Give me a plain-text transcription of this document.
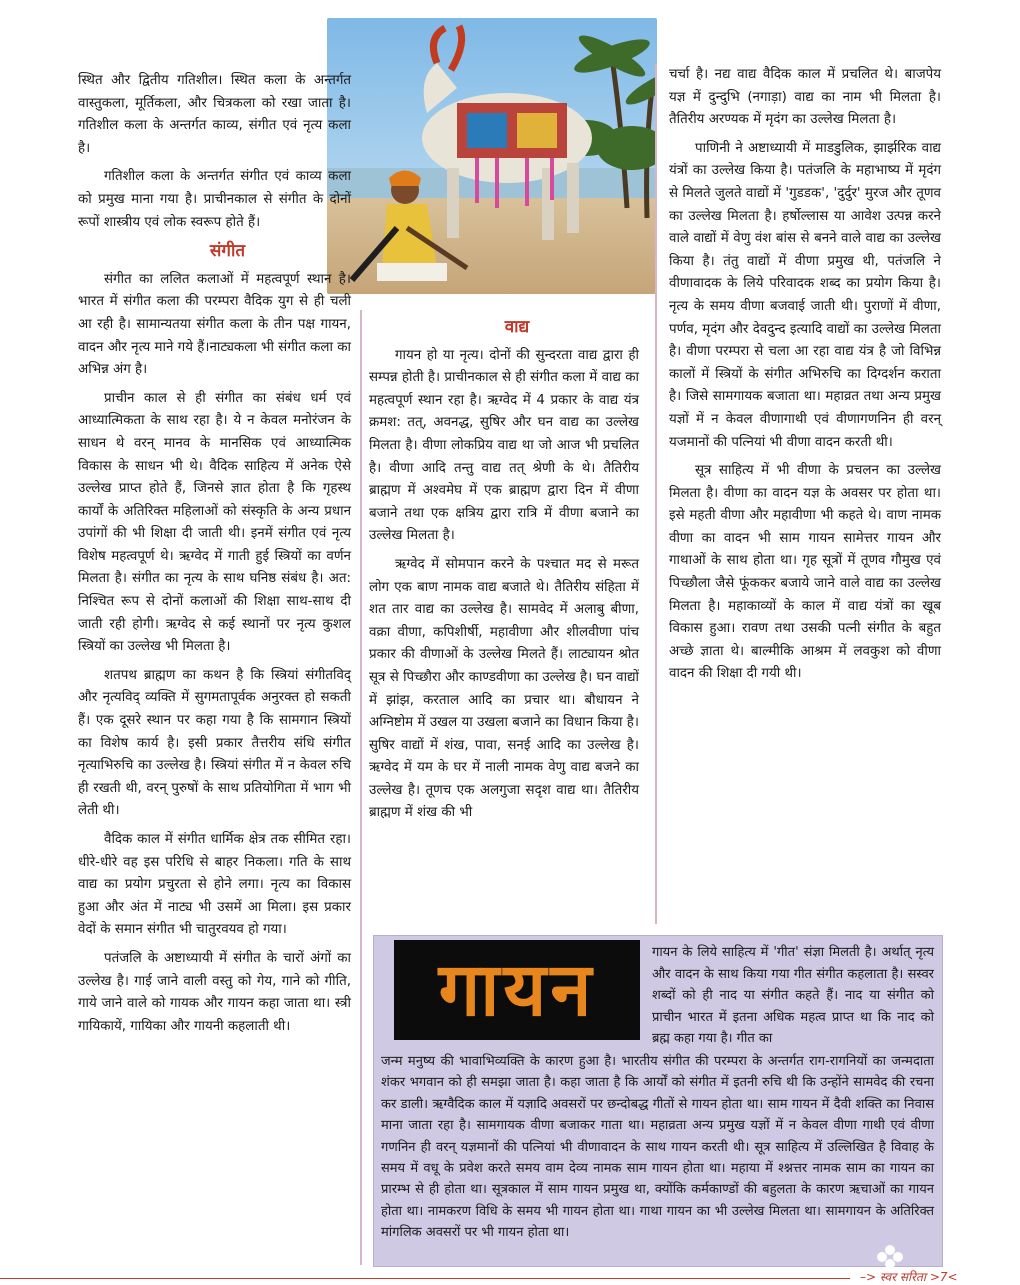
स्थित और द्वितीय गतिशील। स्थित कला के अन्तर्गत वास्तुकला, मूर्तिकला, और चित्रकला को रखा जाता है। गतिशील कला के अन्तर्गत काव्य, संगीत एवं नृत्य कला है।

गतिशील कला के अन्तर्गत संगीत एवं काव्य कला को प्रमुख माना गया है। प्राचीनकाल से संगीत के दोनों रूपों शास्त्रीय एवं लोक स्वरूप होते हैं।

संगीत

संगीत का ललित कलाओं में महत्वपूर्ण स्थान है। भारत में संगीत कला की परम्परा वैदिक युग से ही चली आ रही है। सामान्यतया संगीत कला के तीन पक्ष गायन, वादन और नृत्य माने गये हैं।नाट्यकला भी संगीत कला का अभिन्न अंग है।

प्राचीन काल से ही संगीत का संबंध धर्म एवं आध्यात्मिकता के साथ रहा है। ये न केवल मनोरंजन के साधन थे वरन् मानव के मानसिक एवं आध्यात्मिक विकास के साधन भी थे। वैदिक साहित्य में अनेक ऐसे उल्लेख प्राप्त होते हैं, जिनसे ज्ञात होता है कि गृहस्थ कार्यों के अतिरिक्त महिलाओं को संस्कृति के अन्य प्रधान उपांगों की भी शिक्षा दी जाती थी। इनमें संगीत एवं नृत्य विशेष महत्वपूर्ण थे। ऋग्वेद में गाती हुई स्त्रियों का वर्णन मिलता है। संगीत का नृत्य के साथ घनिष्ठ संबंध है। अत: निश्चित रूप से दोनों कलाओं की शिक्षा साथ-साथ दी जाती रही होगी। ऋग्वेद से कई स्थानों पर नृत्य कुशल स्त्रियों का उल्लेख भी मिलता है।

शतपथ ब्राह्मण का कथन है कि स्त्रियां संगीतविद् और नृत्यविद् व्यक्ति में सुगमतापूर्वक अनुरक्त हो सकती हैं। एक दूसरे स्थान पर कहा गया है कि सामगान स्त्रियों का विशेष कार्य है। इसी प्रकार तैत्तरीय संधि संगीत नृत्याभिरुचि का उल्लेख है। स्त्रियां संगीत में न केवल रुचि ही रखती थी, वरन् पुरुषों के साथ प्रतियोगिता में भाग भी लेती थी।

वैदिक काल में संगीत धार्मिक क्षेत्र तक सीमित रहा। धीरे-धीरे वह इस परिधि से बाहर निकला। गति के साथ वाद्य का प्रयोग प्रचुरता से होने लगा। नृत्य का विकास हुआ और अंत में नाट्य भी उसमें आ मिला। इस प्रकार वेदों के समान संगीत भी चातुरवयव हो गया।

पतंजलि के अष्टाध्यायी में संगीत के चारों अंगों का उल्लेख है। गाई जाने वाली वस्तु को गेय, गाने को गीति, गाये जाने वाले को गायक और गायन कहा जाता था। स्त्री गायिकायें, गायिका और गायनी कहलाती थी।

वाद्य

गायन हो या नृत्य। दोनों की सुन्दरता वाद्य द्वारा ही सम्पन्न होती है। प्राचीनकाल से ही संगीत कला में वाद्य का महत्वपूर्ण स्थान रहा है। ऋग्वेद में 4 प्रकार के वाद्य यंत्र क्रमश: तत्, अवनद्ध, सुषिर और घन वाद्य का उल्लेख मिलता है। वीणा लोकप्रिय वाद्य था जो आज भी प्रचलित है। वीणा आदि तन्तु वाद्य तत् श्रेणी के थे। तैतिरीय ब्राह्मण में अश्वमेघ में एक ब्राह्मण द्वारा दिन में वीणा बजाने तथा एक क्षत्रिय द्वारा रात्रि में वीणा बजाने का उल्लेख मिलता है।

ऋग्वेद में सोमपान करने के पश्चात मद से मरूत लोग एक बाण नामक वाद्य बजाते थे। तैतिरीय संहिता में शत तार वाद्य का उल्लेख है। सामवेद में अलाबु बीणा, वक्रा वीणा, कपिशीर्षी, महावीणा और शीलवीणा पांच प्रकार की वीणाओं के उल्लेख मिलते हैं। लाट्यायन श्रोत सूत्र से पिच्छौरा और काण्डवीणा का उल्लेख है। घन वाद्यों में झांझ, करताल आदि का प्रचार था। बौधायन ने अग्निष्टोम में उखल या उखला बजाने का विधान किया है। सुषिर वाद्यों में शंख, पावा, सनई आदि का उल्लेख है। ऋग्वेद में यम के घर में नाली नामक वेणु वाद्य बजने का उल्लेख है। तूणच एक अलगुजा सदृश वाद्य था। तैतिरीय ब्राह्मण में शंख की भी

चर्चा है। नद्य वाद्य वैदिक काल में प्रचलित थे। बाजपेय यज्ञ में दुन्दुभि (नगाड़ा) वाद्य का नाम भी मिलता है। तैतिरीय अरण्यक में मृदंग का उल्लेख मिलता है।

पाणिनी ने अष्टाध्यायी में माडडुलिक, झार्झरिक वाद्य यंत्रों का उल्लेख किया है। पतंजलि के महाभाष्य में मृदंग से मिलते जुलते वाद्यों में 'गुडडक', 'दुर्दुर' मुरज और तूणव का उल्लेख मिलता है। हर्षोल्लास या आवेश उत्पन्न करने वाले वाद्यों में वेणु वंश बांस से बनने वाले वाद्य का उल्लेख किया है। तंतु वाद्यों में वीणा प्रमुख थी, पतंजलि ने वीणावादक के लिये परिवादक शब्द का प्रयोग किया है। नृत्य के समय वीणा बजवाई जाती थी। पुराणों में वीणा, पर्णव, मृदंग और देवदुन्द इत्यादि वाद्यों का उल्लेख मिलता है। वीणा परम्परा से चला आ रहा वाद्य यंत्र है जो विभिन्न कालों में स्त्रियों के संगीत अभिरुचि का दिग्दर्शन कराता है। जिसे सामगायक बजाता था। महाव्रत तथा अन्य प्रमुख यज्ञों में न केवल वीणागाथी एवं वीणागणनिन ही वरन् यजमानों की पत्नियां भी वीणा वादन करती थी।

सूत्र साहित्य में भी वीणा के प्रचलन का उल्लेख मिलता है। वीणा का वादन यज्ञ के अवसर पर होता था। इसे महती वीणा और महावीणा भी कहते थे। वाण नामक वीणा का वादन भी साम गायन सामेत्तर गायन और गाथाओं के साथ होता था। गृह सूत्रों में तूणव गौमुख एवं पिच्छौला जैसे फूंककर बजाये जाने वाले वाद्य का उल्लेख मिलता है। महाकाव्यों के काल में वाद्य यंत्रों का खूब विकास हुआ। रावण तथा उसकी पत्नी संगीत के बहुत अच्छे ज्ञाता थे। बाल्मीकि आश्रम में लवकुश को वीणा वादन की शिक्षा दी गयी थी।

गायन	गायन के लिये साहित्य में 'गीत' संज्ञा मिलती है। अर्थात् नृत्य और वादन के साथ किया गया गीत संगीत कहलाता है। सस्वर शब्दों को ही नाद या संगीत कहते हैं। नाद या संगीत को प्राचीन भारत में इतना अधिक महत्व प्राप्त था कि नाद को ब्रह्म कहा गया है। गीत का
जन्म मनुष्य की भावाभिव्यक्ति के कारण हुआ है। भारतीय संगीत की परम्परा के अन्तर्गत राग-रागनियों का जन्मदाता शंकर भगवान को ही समझा जाता है। कहा जाता है कि आर्यों को संगीत में इतनी रुचि थी कि उन्होंने सामवेद की रचना कर डाली। ऋग्वैदिक काल में यज्ञादि अवसरों पर छन्दोबद्ध गीतों से गायन होता था। साम गायन में दैवी शक्ति का निवास माना जाता रहा है। सामगायक वीणा बजाकर गाता था। महाव्रता अन्य प्रमुख यज्ञों में न केवल वीणा गाथी एवं वीणा गणनिन ही वरन् यज्ञमानों की पत्नियां भी वीणावादन के साथ गायन करती थी। सूत्र साहित्य में उल्लिखित है विवाह के समय में वधू के प्रवेश करते समय वाम देव्य नामक साम गायन होता था। महाया में श्श्नत्तर नामक साम का गायन का प्रारम्भ से ही होता था। सूत्रकाल में साम गायन प्रमुख था, क्योंकि कर्मकाण्डों की बहुलता के कारण ऋचाओं का गायन होता था। नामकरण विधि के समय भी गायन होता था। गाथा गायन का भी उल्लेख मिलता था। सामगायन के अतिरिक्त मांगलिक अवसरों पर भी गायन होता था।
–> स्वर सरिता >7<
